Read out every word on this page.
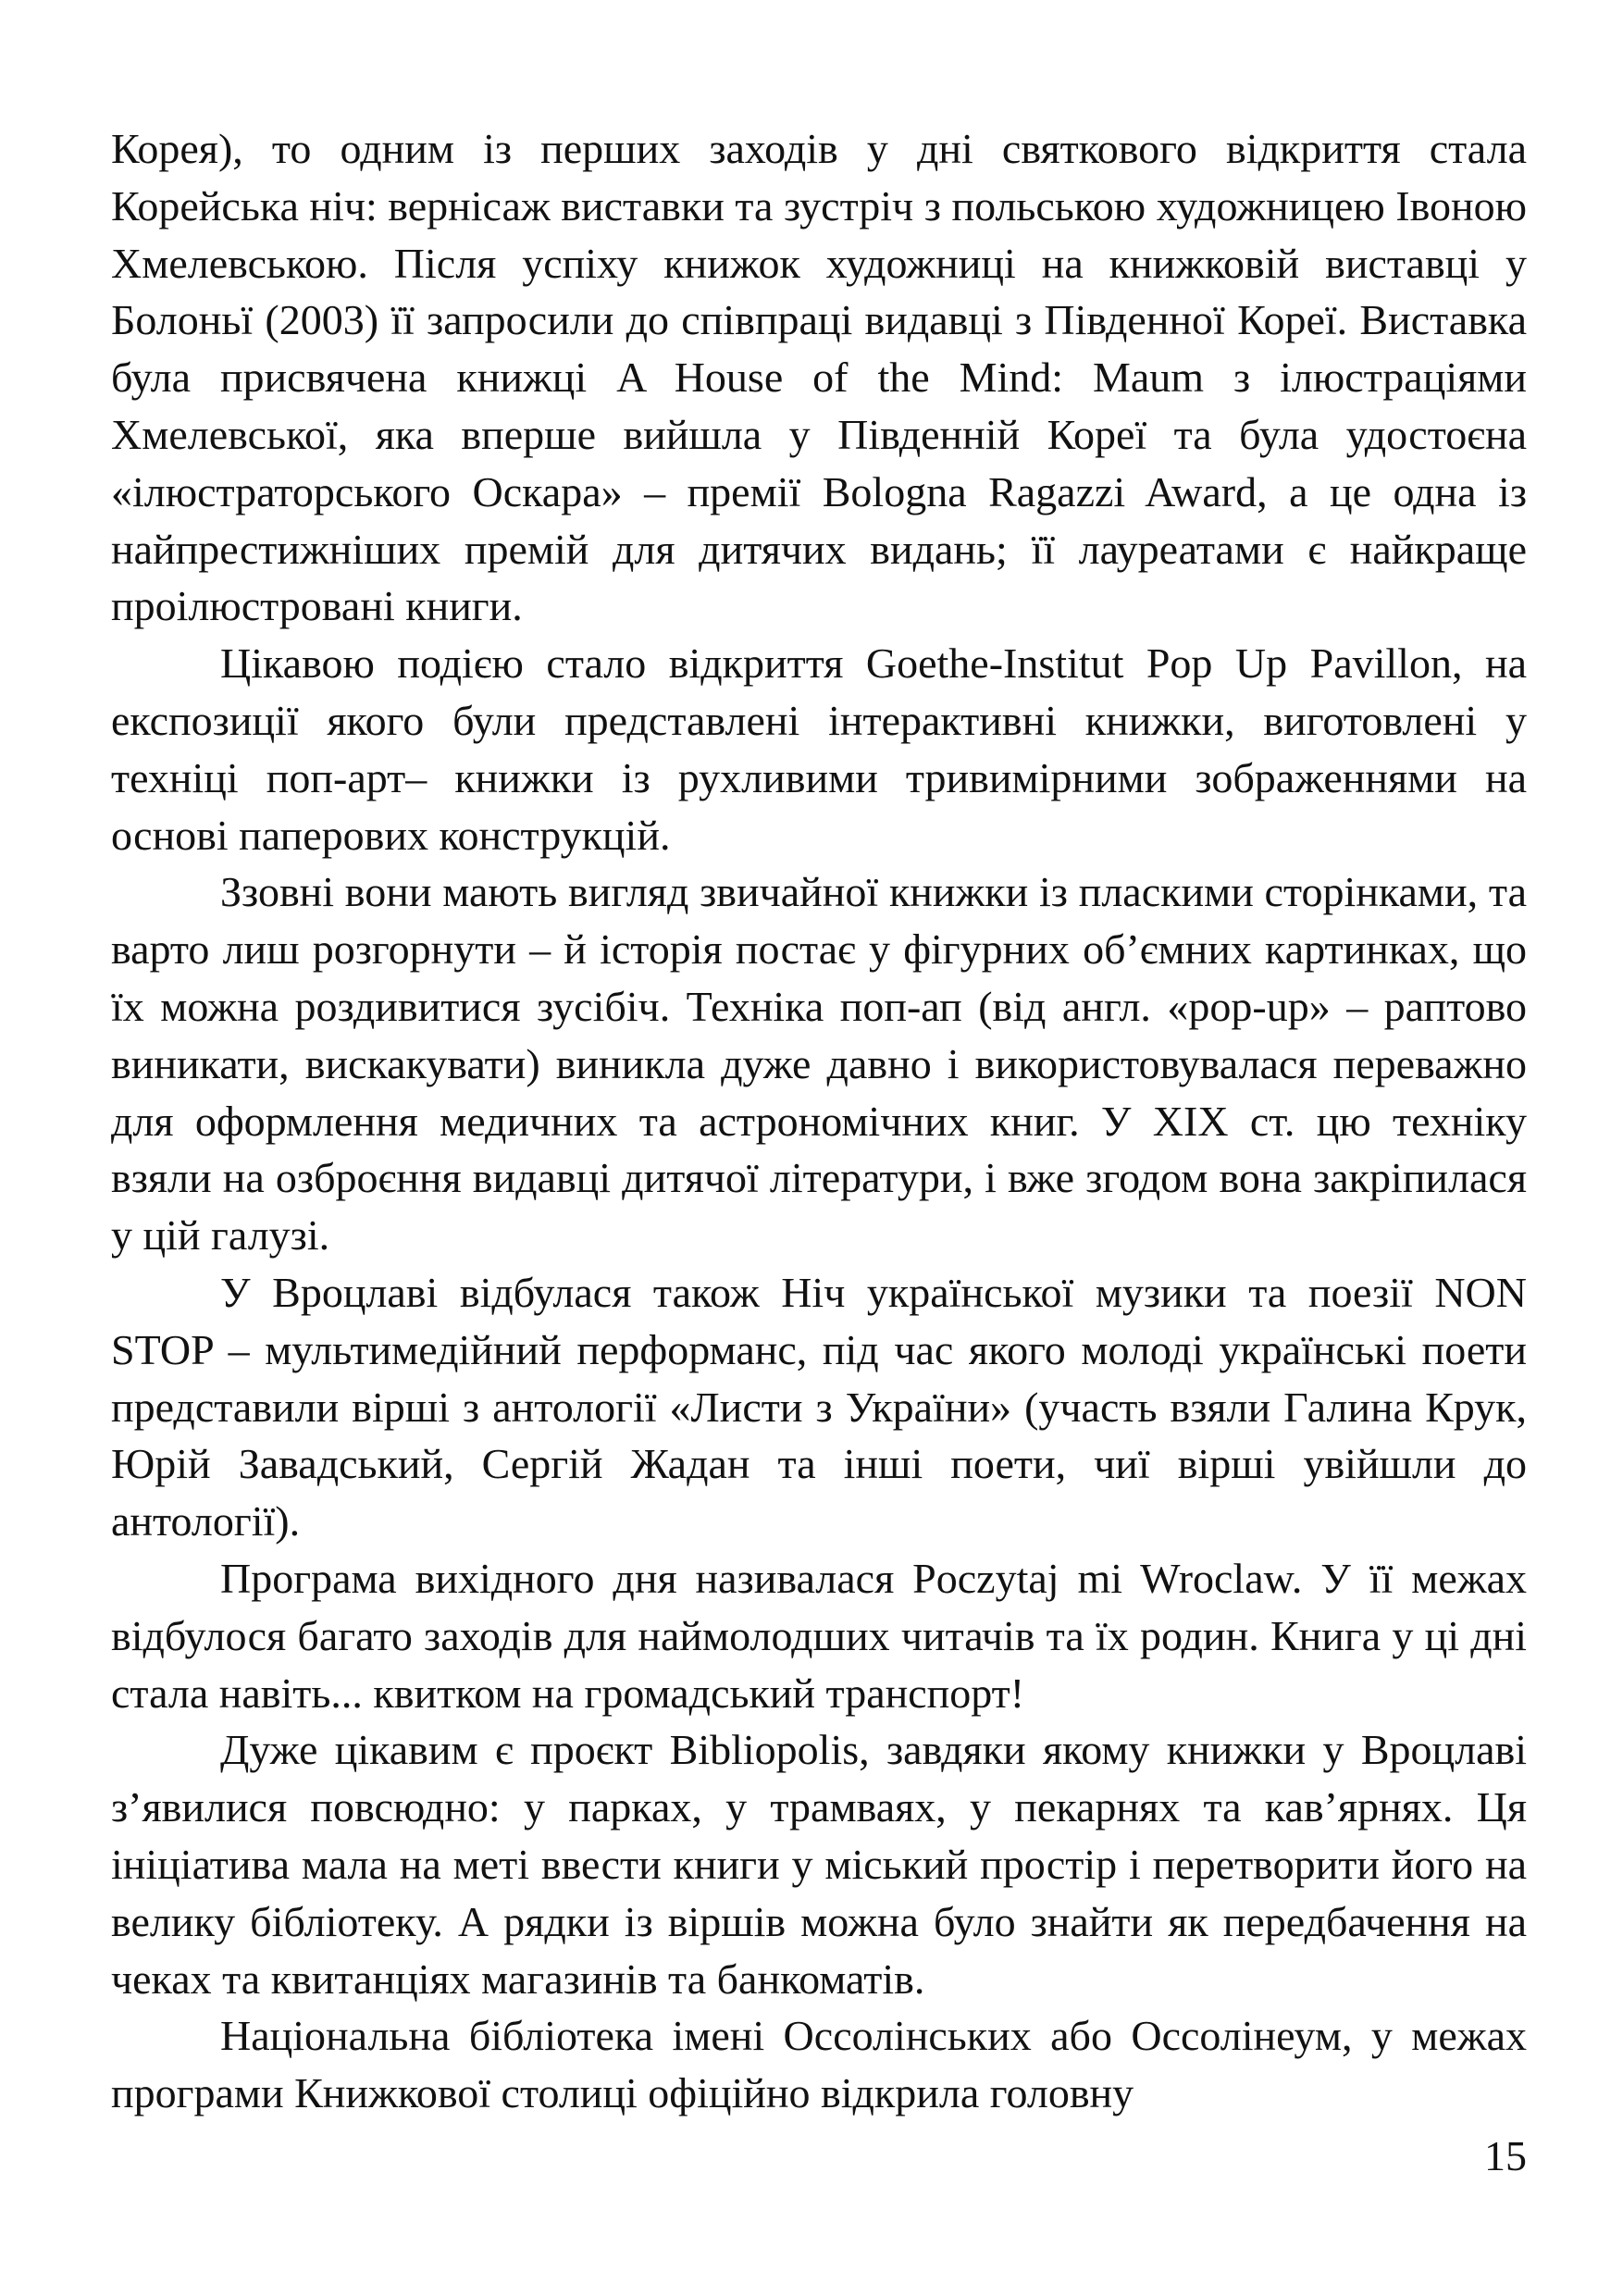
Корея), то одним із перших заходів у дні святкового відкриття стала Корейська ніч: вернісаж виставки та зустріч з польською художницею Івоною Хмелевською. Після успіху книжок художниці на книжковій виставці у Болоньї (2003) її запросили до співпраці видавці з Південної Кореї. Виставка була присвячена книжці A House of the Mind: Maum з ілюстраціями Хмелевської, яка вперше вийшла у Південній Кореї та була удостоєна «ілюстраторського Оскара» – премії Bologna Ragazzi Award, а це одна із найпрестижніших премій для дитячих видань; її лауреатами є найкраще проілюстровані книги.

Цікавою подією стало відкриття Goethe-Institut Pop Up Pavillon, на експозиції якого були представлені інтерактивні книжки, виготовлені у техніці поп-арт– книжки із рухливими тривимірними зображеннями на основі паперових конструкцій.

Ззовні вони мають вигляд звичайної книжки із пласкими сторінками, та варто лиш розгорнути – й історія постає у фігурних об’ємних картинках, що їх можна роздивитися зусібіч. Техніка поп-ап (від англ. «pop-up» – раптово виникати, вискакувати) виникла дуже давно і використовувалася переважно для оформлення медичних та астрономічних книг. У ХІХ ст. цю техніку взяли на озброєння видавці дитячої літератури, і вже згодом вона закріпилася у цій галузі.

У Вроцлаві відбулася також Ніч української музики та поезії NON STOP – мультимедійний перформанс, під час якого молоді українські поети представили вірші з антології «Листи з України» (участь взяли Галина Крук, Юрій Завадський, Сергій Жадан та інші поети, чиї вірші увійшли до антології).

Програма вихідного дня називалася Poczytaj mi Wroclaw. У її межах відбулося багато заходів для наймолодших читачів та їх родин. Книга у ці дні стала навіть... квитком на громадський транспорт!

Дуже цікавим є проєкт Bibliopolis, завдяки якому книжки у Вроцлаві з’явилися повсюдно: у парках, у трамваях, у пекарнях та кав’ярнях. Ця ініціатива мала на меті ввести книги у міський простір і перетворити його на велику бібліотеку. А рядки із віршів можна було знайти як передбачення на чеках та квитанціях магазинів та банкоматів.

Національна бібліотека імені Оссолінських або Оссолінеум, у межах програми Книжкової столиці офіційно відкрила головну

15
